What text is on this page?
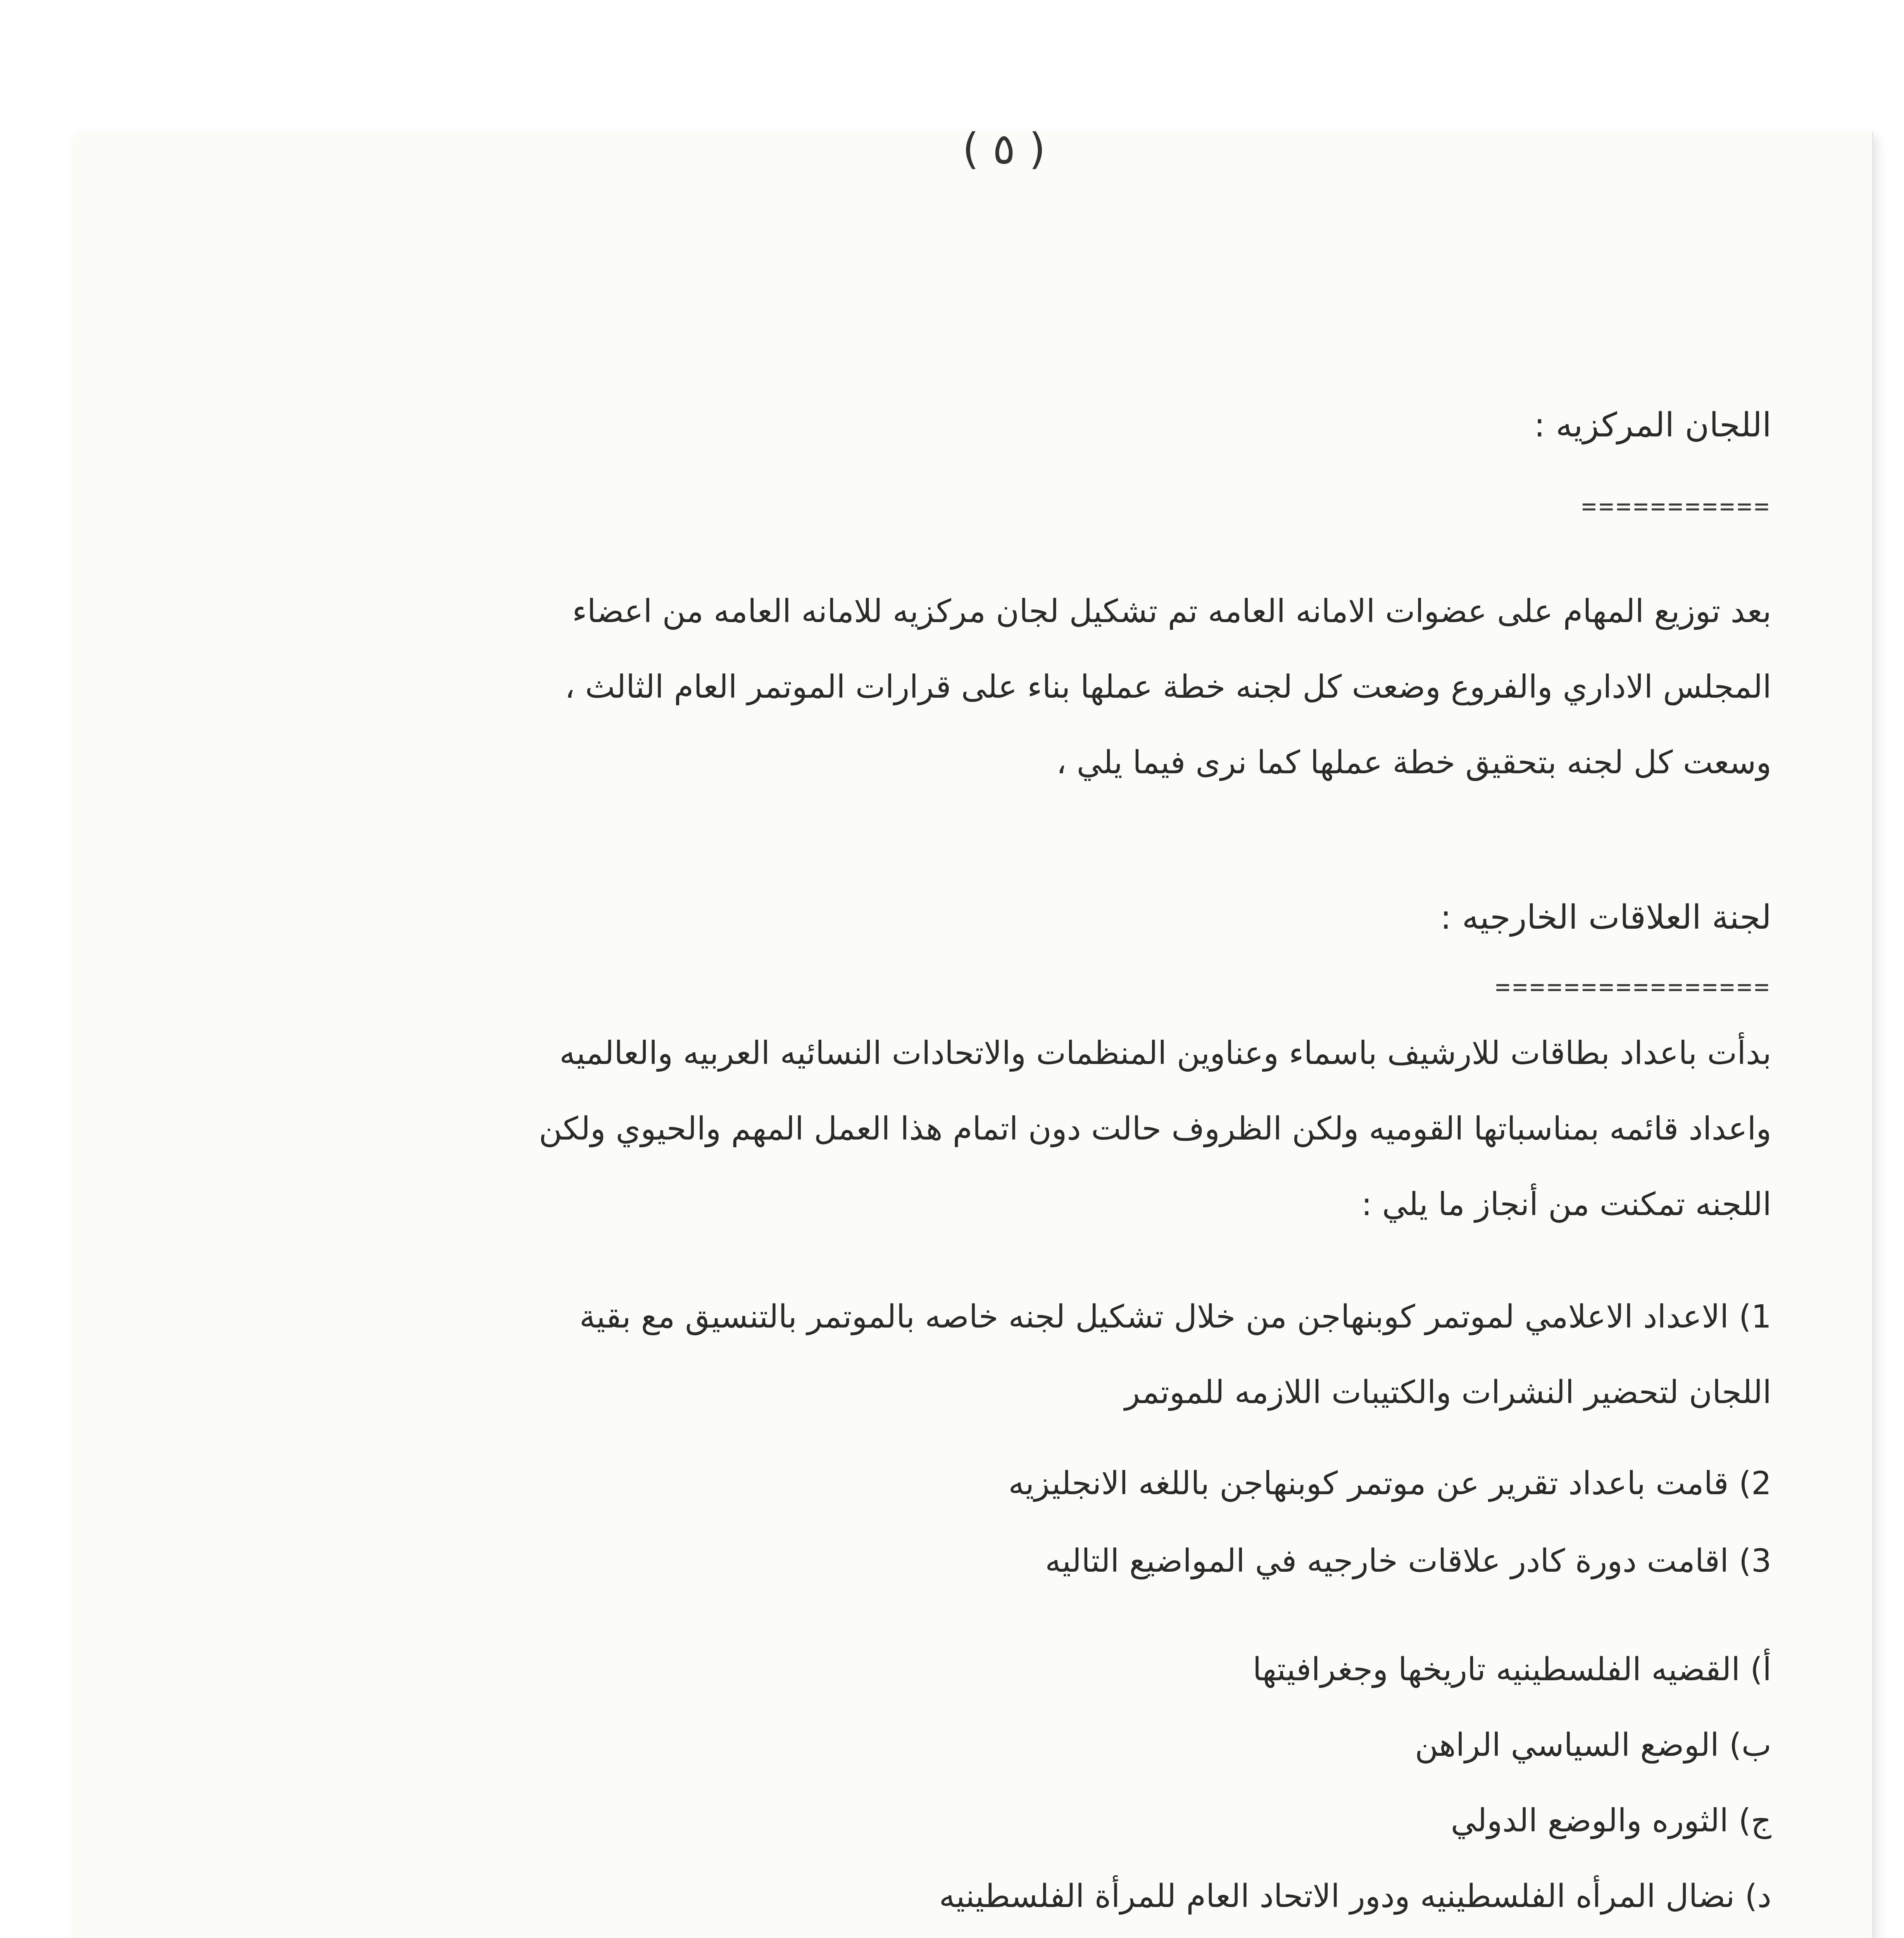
( ٥ )
اللجان المركزيه :
===========
بعد توزيع المهام على عضوات الامانه العامه تم تشكيل لجان مركزيه للامانه العامه من اعضاء
المجلس الاداري والفروع وضعت كل لجنه خطة عملها بناء على قرارات الموتمر العام الثالث ،
وسعت كل لجنه بتحقيق خطة عملها كما نرى فيما يلي ،
لجنة العلاقات الخارجيه :
================
بدأت باعداد بطاقات للارشيف باسماء وعناوين المنظمات والاتحادات النسائيه العربيه والعالميه
واعداد قائمه بمناسباتها القوميه ولكن الظروف حالت دون اتمام هذا العمل المهم والحيوي ولكن
اللجنه تمكنت من أنجاز ما يلي :
1) الاعداد الاعلامي لموتمر كوبنهاجن من خلال تشكيل لجنه خاصه بالموتمر بالتنسيق مع بقية
اللجان لتحضير النشرات والكتيبات اللازمه للموتمر
2) قامت باعداد تقرير عن موتمر كوبنهاجن باللغه الانجليزيه
3) اقامت دورة كادر علاقات خارجيه في المواضيع التاليه
أ) القضيه الفلسطينيه تاريخها وجغرافيتها
ب) الوضع السياسي الراهن
ج) الثوره والوضع الدولي
د) نضال المرأه الفلسطينيه ودور الاتحاد العام للمرأة الفلسطينيه
